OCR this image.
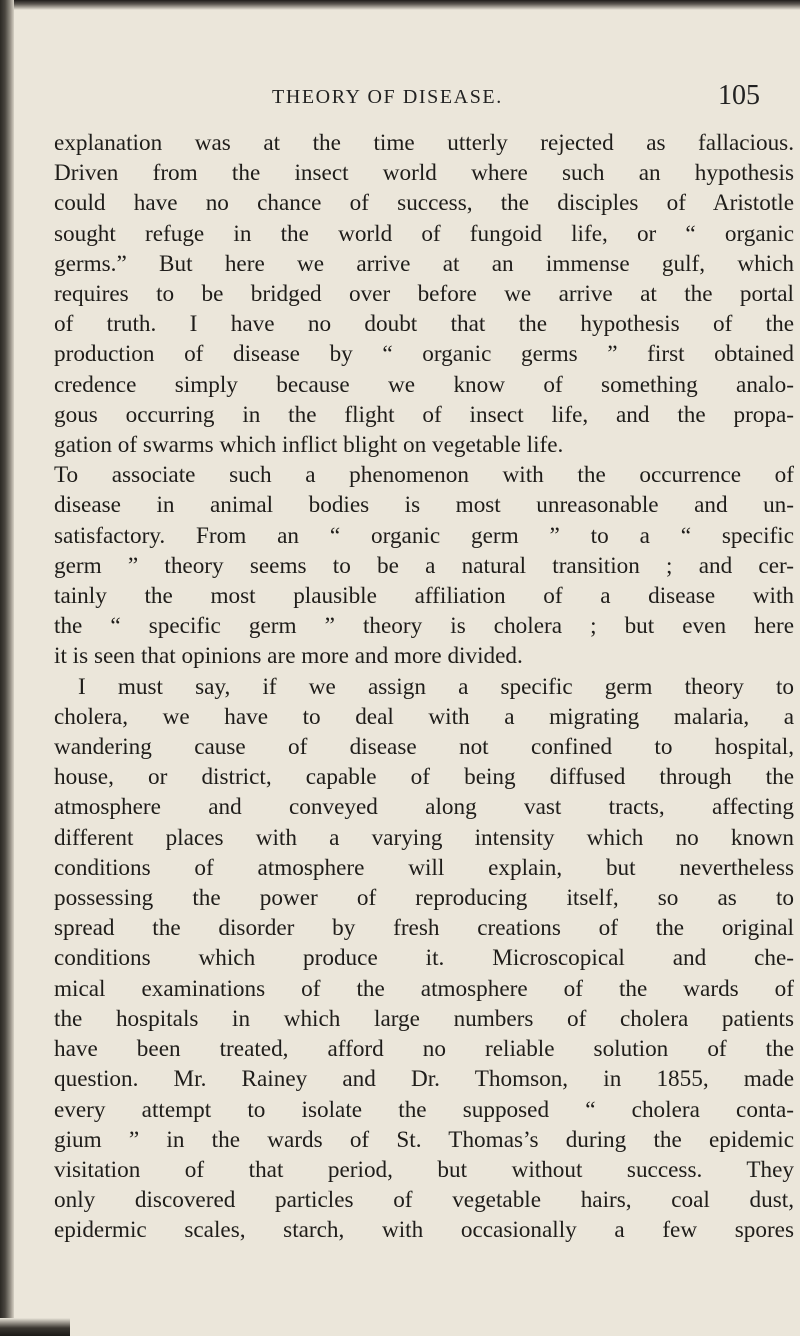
THEORY OF DISEASE.	105
explanation was at the time utterly rejected as fallacious.
Driven from the insect world where such an hypothesis
could have no chance of success, the disciples of Aristotle
sought refuge in the world of fungoid life, or “ organic
germs.” But here we arrive at an immense gulf, which
requires to be bridged over before we arrive at the portal
of truth. I have no doubt that the hypothesis of the
production of disease by “ organic germs ” first obtained
credence simply because we know of something analo-
gous occurring in the flight of insect life, and the propa-
gation of swarms which inflict blight on vegetable life.
To associate such a phenomenon with the occurrence of
disease in animal bodies is most unreasonable and un-
satisfactory. From an “ organic germ ” to a “ specific
germ ” theory seems to be a natural transition ; and cer-
tainly the most plausible affiliation of a disease with
the “ specific germ ” theory is cholera ; but even here
it is seen that opinions are more and more divided.
I must say, if we assign a specific germ theory to
cholera, we have to deal with a migrating malaria, a
wandering cause of disease not confined to hospital,
house, or district, capable of being diffused through the
atmosphere and conveyed along vast tracts, affecting
different places with a varying intensity which no known
conditions of atmosphere will explain, but nevertheless
possessing the power of reproducing itself, so as to
spread the disorder by fresh creations of the original
conditions which produce it. Microscopical and che-
mical examinations of the atmosphere of the wards of
the hospitals in which large numbers of cholera patients
have been treated, afford no reliable solution of the
question. Mr. Rainey and Dr. Thomson, in 1855, made
every attempt to isolate the supposed “ cholera conta-
gium ” in the wards of St. Thomas’s during the epidemic
visitation of that period, but without success. They
only discovered particles of vegetable hairs, coal dust,
epidermic scales, starch, with occasionally a few spores
